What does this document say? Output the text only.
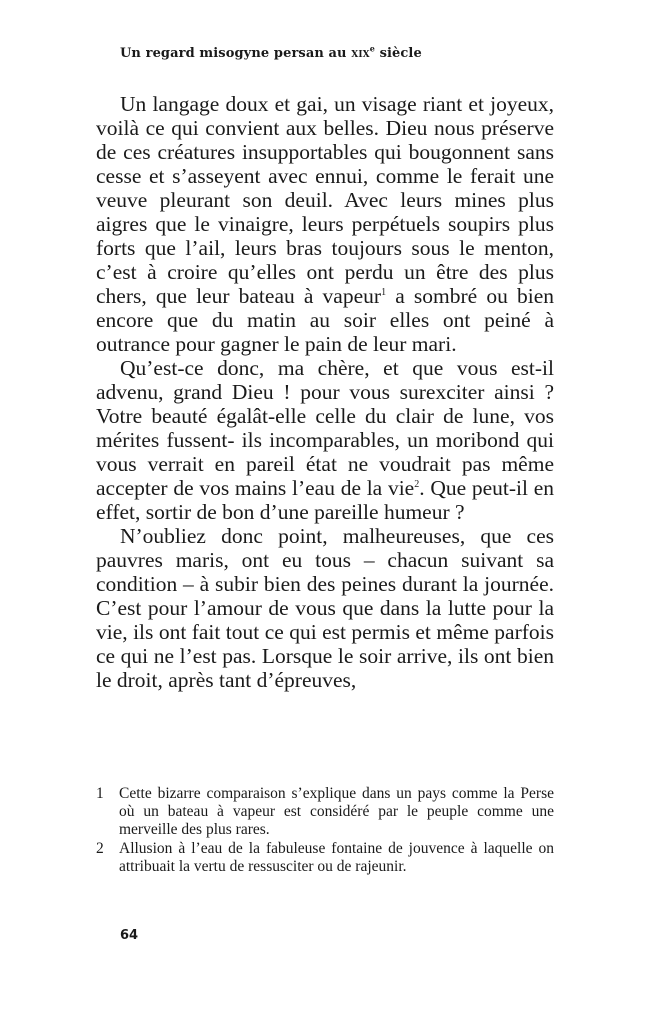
Un regard misogyne persan au xix$^e$ siècle

Un langage doux et gai, un visage riant et joyeux, voilà ce qui convient aux belles. Dieu nous préserve de ces créatures insupportables qui bougonnent sans cesse et s’asseyent avec ennui, comme le ferait une veuve pleurant son deuil. Avec leurs mines plus aigres que le vinaigre, leurs perpétuels soupirs plus forts que l’ail, leurs bras toujours sous le menton, c’est à croire qu’elles ont perdu un être des plus chers, que leur bateau à vapeur$^1$ a sombré ou bien encore que du matin au soir elles ont peiné à outrance pour gagner le pain de leur mari.

Qu’est-ce donc, ma chère, et que vous est-il advenu, grand Dieu ! pour vous surexciter ainsi ? Votre beauté égalât-elle celle du clair de lune, vos mérites fussent- ils incomparables, un moribond qui vous verrait en pareil état ne voudrait pas même accepter de vos mains l’eau de la vie$^2$. Que peut-il en effet, sortir de bon d’une pareille humeur ?

N’oubliez donc point, malheureuses, que ces pauvres maris, ont eu tous – chacun suivant sa condition – à subir bien des peines durant la journée. C’est pour l’amour de vous que dans la lutte pour la vie, ils ont fait tout ce qui est permis et même parfois ce qui ne l’est pas. Lorsque le soir arrive, ils ont bien le droit, après tant d’épreuves,

1 Cette bizarre comparaison s’explique dans un pays comme la Perse où un bateau à vapeur est considéré par le peuple comme une merveille des plus rares.
2 Allusion à l’eau de la fabuleuse fontaine de jouvence à laquelle on attribuait la vertu de ressusciter ou de rajeunir.
64
